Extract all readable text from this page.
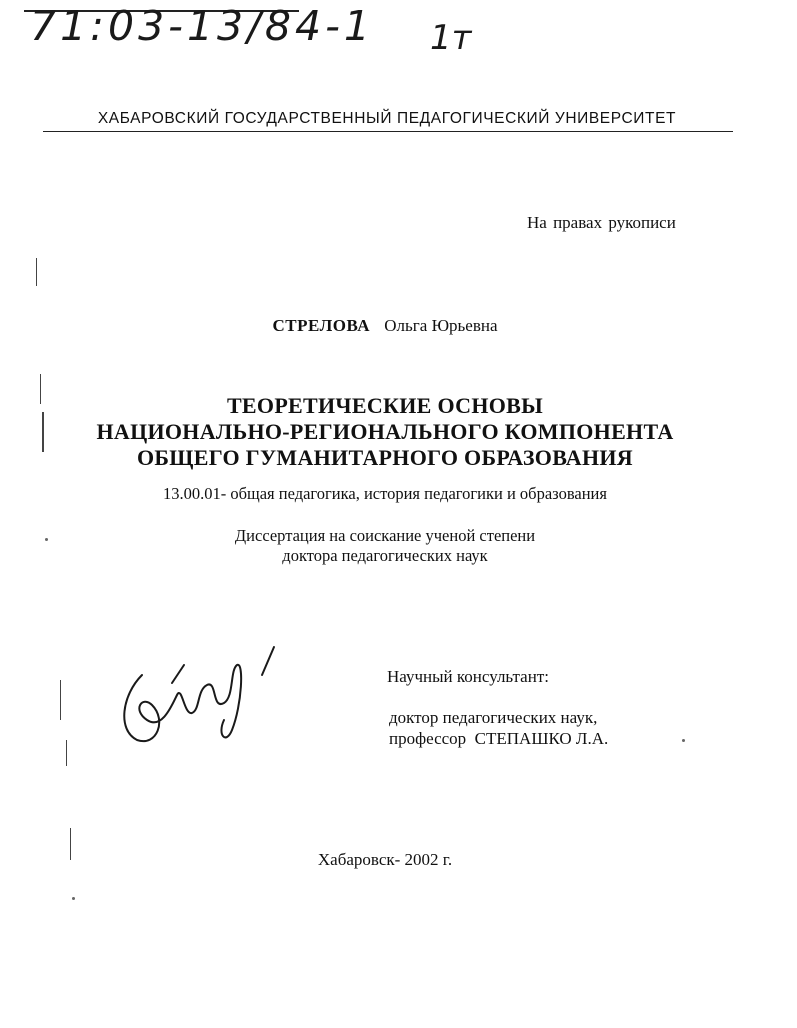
71:03-13/84-1 1т
ХАБАРОВСКИЙ ГОСУДАРСТВЕННЫЙ ПЕДАГОГИЧЕСКИЙ УНИВЕРСИТЕТ
На правах рукописи
СТРЕЛОВА Ольга Юрьевна
ТЕОРЕТИЧЕСКИЕ ОСНОВЫ
НАЦИОНАЛЬНО-РЕГИОНАЛЬНОГО КОМПОНЕНТА
ОБЩЕГО ГУМАНИТАРНОГО ОБРАЗОВАНИЯ
13.00.01- общая педагогика, история педагогики и образования
Диссертация на соискание ученой степени
доктора педагогических наук
Научный консультант:
доктор педагогических наук,
профессор  СТЕПАШКО Л.А.
Хабаровск- 2002 г.
